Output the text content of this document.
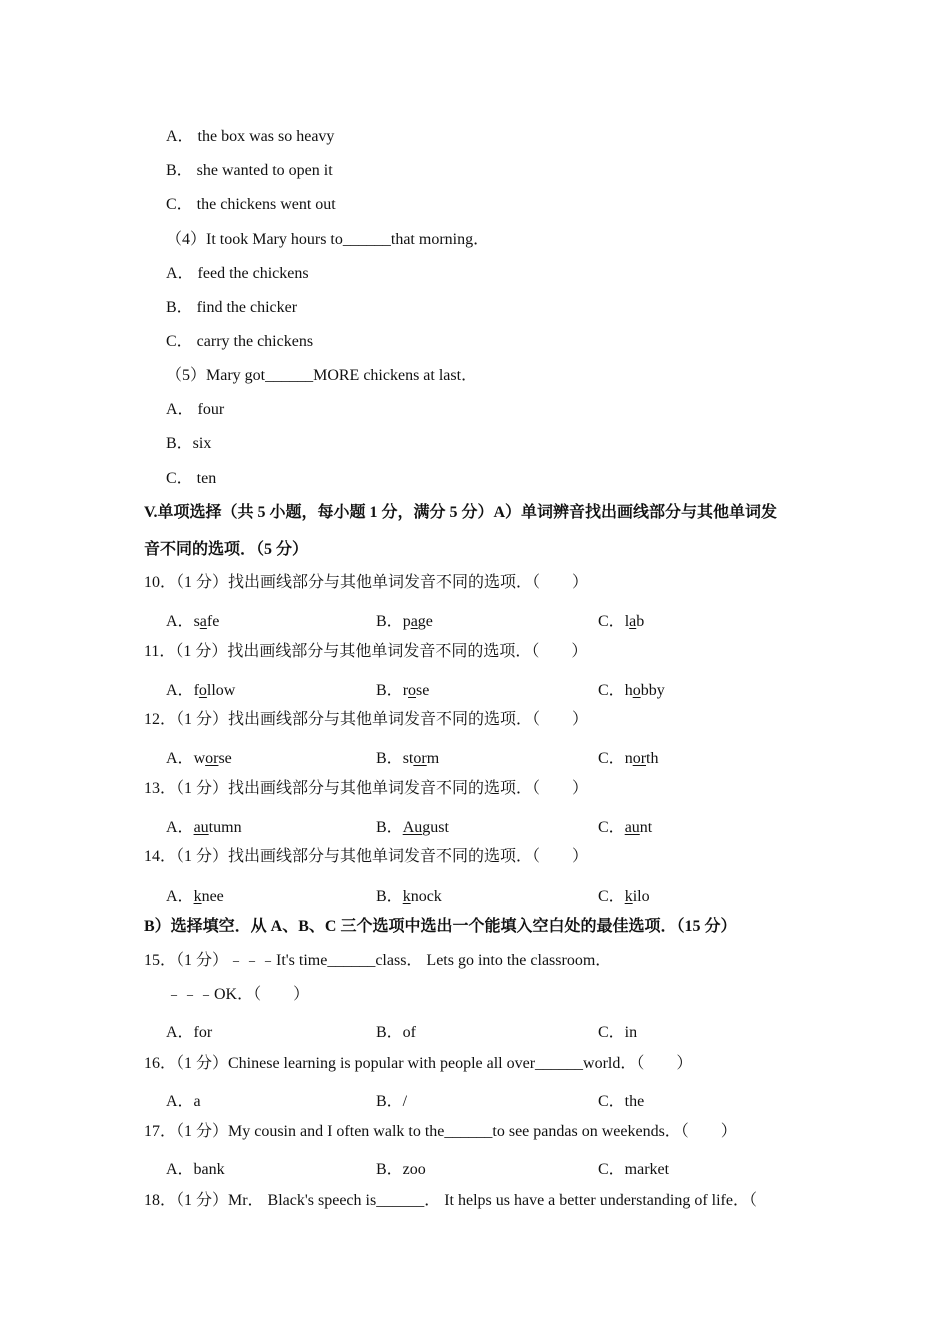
A． the box was so heavy
B． she wanted to open it
C． the chickens went out
（4）It took Mary hours to______that morning．
A． feed the chickens
B． find the chicker
C． carry the chickens
（5）Mary got______MORE chickens at last．
A． four
B．six
C． ten
V.单项选择（共 5 小题，每小题 1 分，满分 5 分）A）单词辨音找出画线部分与其他单词发
音不同的选项．（5 分）
10．（1 分）找出画线部分与其他单词发音不同的选项．（　　）
A．safe	B．page	C．lab
11．（1 分）找出画线部分与其他单词发音不同的选项．（　　）
A．follow	B．rose	C．hobby
12．（1 分）找出画线部分与其他单词发音不同的选项．（　　）
A．worse	B．storm	C．north
13．（1 分）找出画线部分与其他单词发音不同的选项．（　　）
A．autumn	B．August	C．aunt
14．（1 分）找出画线部分与其他单词发音不同的选项．（　　）
A．knee	B．knock	C．kilo
B）选择填空．从 A、B、C 三个选项中选出一个能填入空白处的最佳选项．（15 分）
15．（1 分）﹣﹣﹣It's time______class． Lets go into the classroom．
﹣﹣﹣OK．（　　）
A．for	B．of	C．in
16．（1 分）Chinese learning is popular with people all over______world．（　　）
A．a	B．/	C．the
17．（1 分）My cousin and I often walk to the______to see pandas on weekends．（　　）
A．bank	B．zoo	C．market
18．（1 分）Mr． Black's speech is______． It helps us have a better understanding of life．（
